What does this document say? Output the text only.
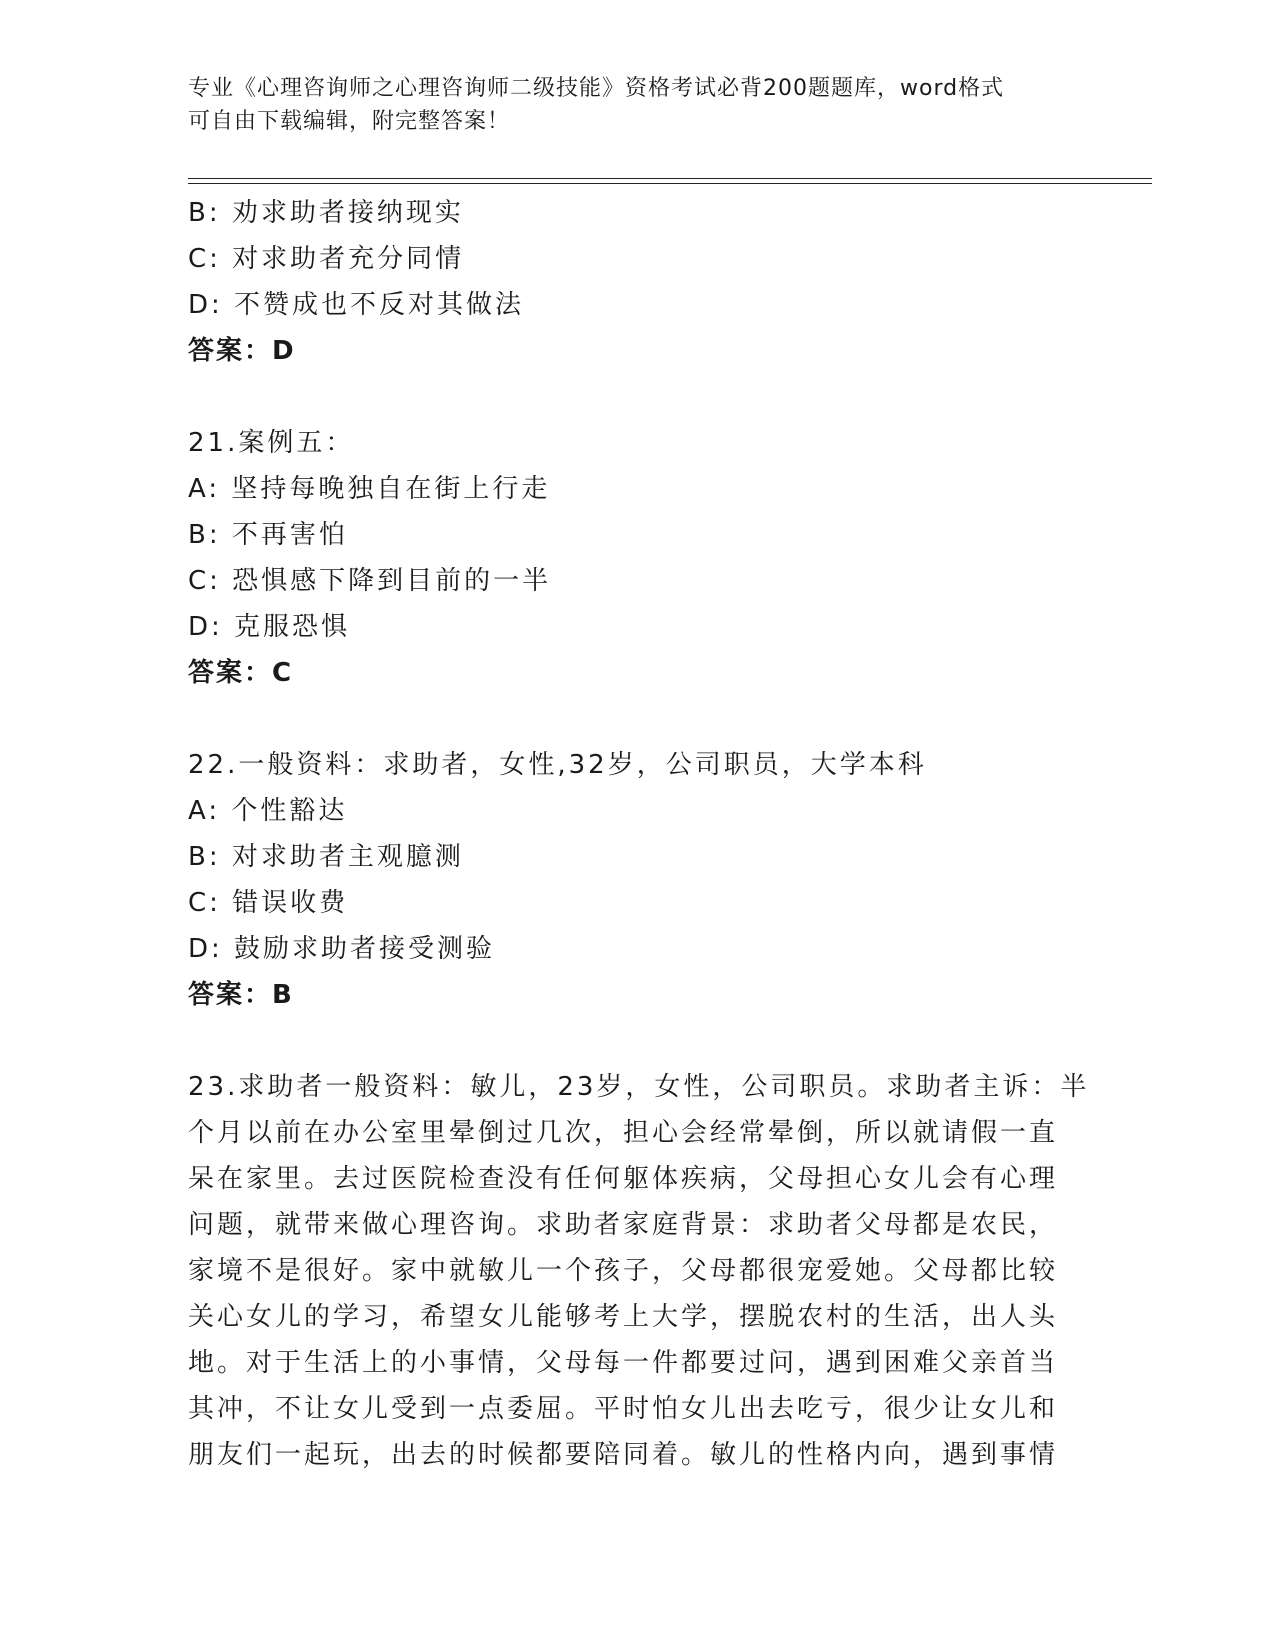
专业《心理咨询师之心理咨询师二级技能》资格考试必背200题题库，word格式
可自由下载编辑，附完整答案！
B: 劝求助者接纳现实
C: 对求助者充分同情
D: 不赞成也不反对其做法
答案：D
21.案例五：
A: 坚持每晚独自在街上行走
B: 不再害怕
C: 恐惧感下降到目前的一半
D: 克服恐惧
答案：C
22.一般资料：求助者，女性,32岁，公司职员，大学本科
A: 个性豁达
B: 对求助者主观臆测
C: 错误收费
D: 鼓励求助者接受测验
答案：B
23.求助者一般资料：敏儿，23岁，女性，公司职员。求助者主诉：半
个月以前在办公室里晕倒过几次，担心会经常晕倒，所以就请假一直
呆在家里。去过医院检查没有任何躯体疾病，父母担心女儿会有心理
问题，就带来做心理咨询。求助者家庭背景：求助者父母都是农民，
家境不是很好。家中就敏儿一个孩子，父母都很宠爱她。父母都比较
关心女儿的学习，希望女儿能够考上大学，摆脱农村的生活，出人头
地。对于生活上的小事情，父母每一件都要过问，遇到困难父亲首当
其冲，不让女儿受到一点委屈。平时怕女儿出去吃亏，很少让女儿和
朋友们一起玩，出去的时候都要陪同着。敏儿的性格内向，遇到事情
